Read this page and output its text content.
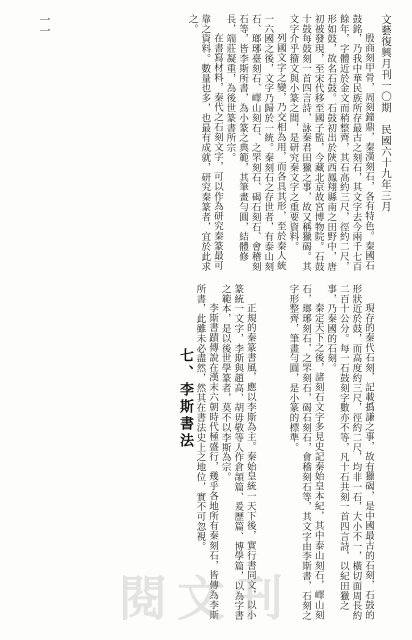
文藝復興月刊一〇期　民國六十九年三月
一一

殷商刻甲骨，周刻鐘鼎，秦漢刻石，各有特色。秦國石鼓銘，乃我中華民族所存最古之刻石，其文字去今兩千七百餘年，字體近於金文而稍整齊，其石高約三尺，徑約二尺，形如鼓，故名石鼓。石鼓初出於陝西鳳翔縣南之田野中，唐初被發現，至宋代移至國子監，今藏北京故宮博物院。石鼓十鼓每鼓刻一首四言詩，詠秦君田獵之事，故又稱獵碣。其文字介乎籀文與小篆之間，是研究秦文字之重要資料。

列國文字之變，乃交相為用，而各具其形，至於秦人統一六國之後，文字乃歸於一統。秦刻石之存世者，有泰山刻石、瑯琊臺刻石、嶧山刻石、之罘刻石、碣石刻石、會稽刻石等，皆李斯所書，為小篆之典範，其筆畫勻圓，結體修長，端莊凝重，為後世篆書所宗。

在書寫材料，秦代之石刻文字，可以作為研究秦篆最可靠之資料。數量也多，也最有成就，研究秦篆者，宜於此求之。

現存的秦代石刻，記載撝謙之事，故有獵碣，是中國最古的石刻，石鼓的形狀近於鼓，而高度約三尺，徑約二尺，均非一石，大小不一，橫切面周長約二百十公分。每一石鼓刻字數亦不等，凡十石共刻一首四言詩，以紀田獵之事，乃秦國的石刻。

秦定天下之後，諸刻石文字多見史記秦始皇本紀，其中泰山刻石，嶧山刻石，瑯琊刻石，之罘刻石，碣石刻石，會稽刻石等，其文字由李斯書，石刻之字形整齊，筆畫勻圓，是小篆的標準。

正規的秦篆書風，應以李斯為主。秦始皇統一天下後，實行書同文，以小篆統一文字，李斯與趙高、胡毋敬等人作倉頡篇、爰歷篇、博學篇，以為字書之範本，是以後世學篆者，莫不以李斯為宗。

李斯書蹟傳說在漢末六朝時代極盛行，幾乎各地所有秦刻石，皆傳為李斯所書，此雖未必盡然，然其在書法史上之地位，實不可忽視。

七、李斯書法
閱文刊
